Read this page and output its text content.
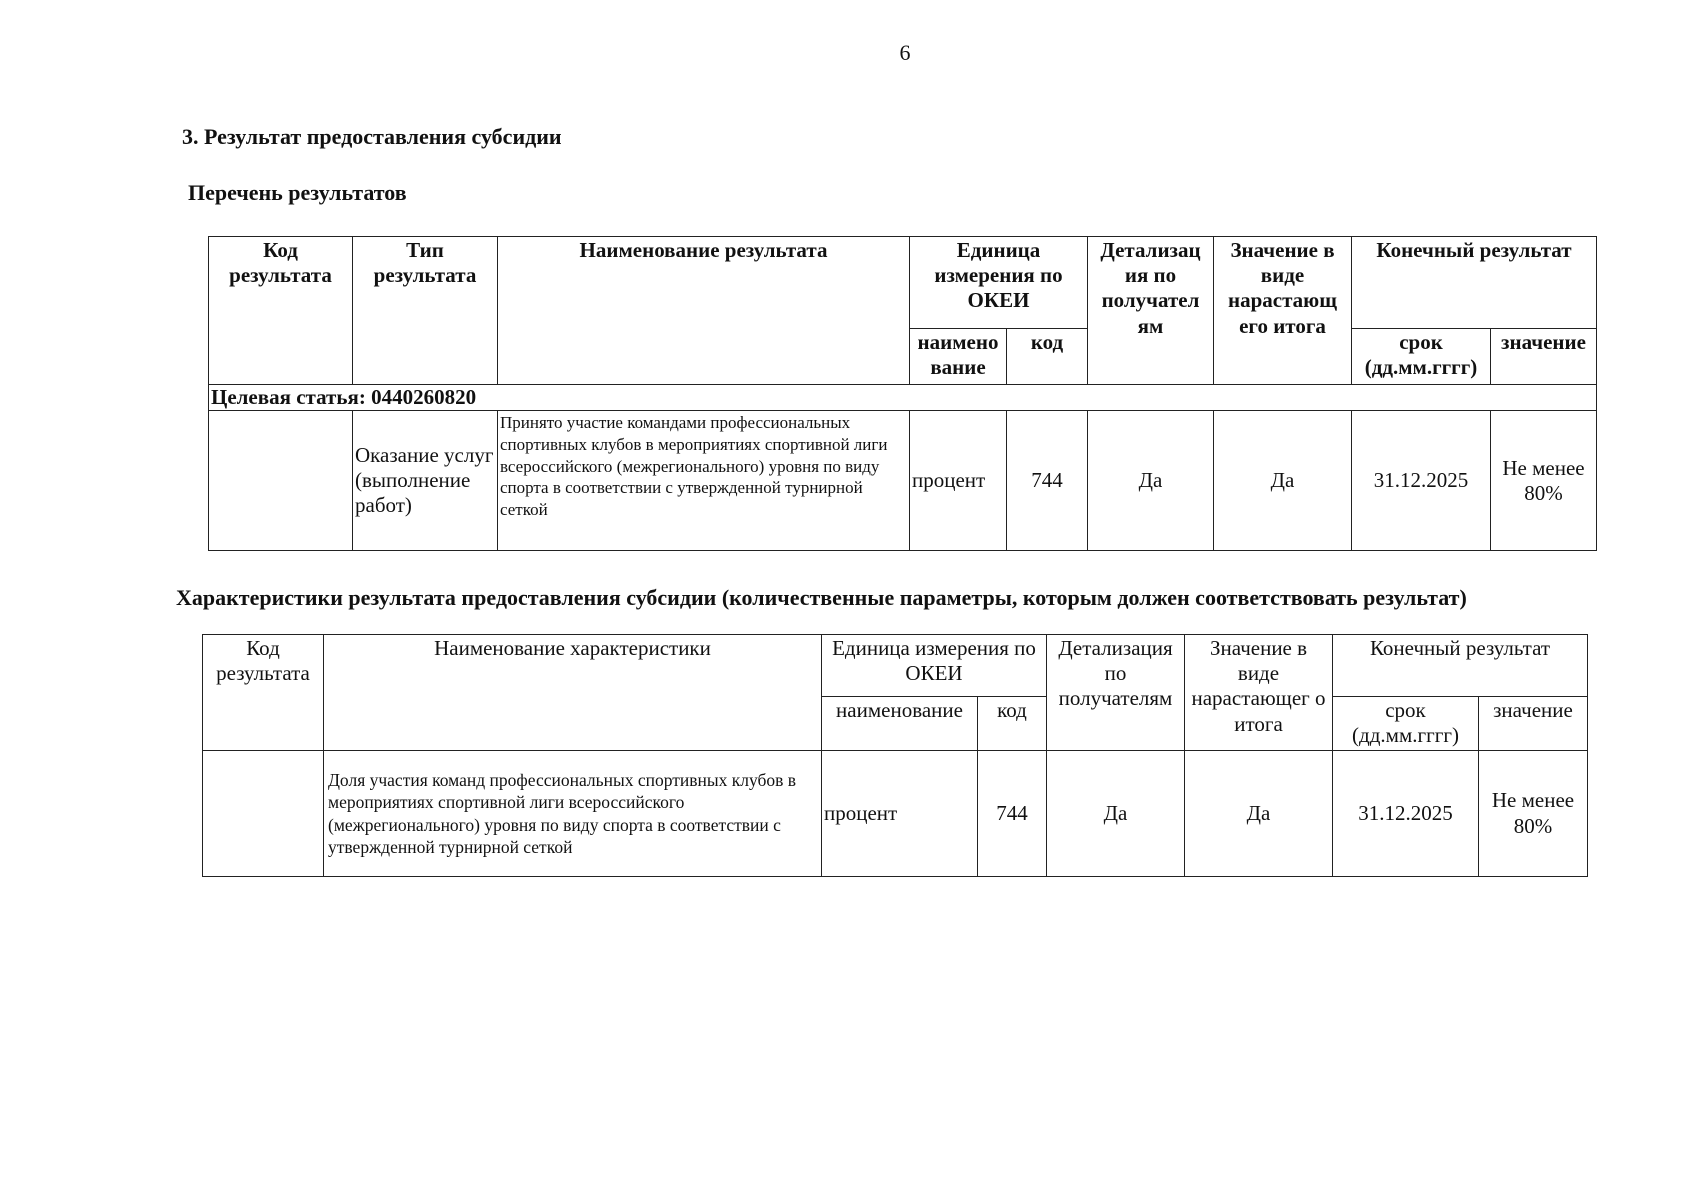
6
3. Результат предоставления субсидии
Перечень результатов
Код результата	Тип результата	Наименование результата	Единица измерения по ОКЕИ		Детализац ия по получател ям	Значение в виде нарастающ его итога	Конечный результат	
			наимено вание	код			срок (дд.мм.гггг)	значение
Целевая статья: 0440260820								
	Оказание услуг (выполнение работ)	Принято участие командами профессиональных спортивных клубов в мероприятиях спортивной лиги всероссийского (межрегионального) уровня по виду спорта в соответствии с утвержденной турнирной сеткой	процент	744	Да	Да	31.12.2025	Не менее 80%
Характеристики результата предоставления субсидии (количественные параметры, которым должен соответствовать результат)
Код результата	Наименование характеристики	Единица измерения по ОКЕИ		Детализация по получателям	Значение в виде нарастающег о итога	Конечный результат	
		наименование	код			срок (дд.мм.гггг)	значение
	Доля участия команд профессиональных спортивных клубов в мероприятиях спортивной лиги всероссийского (межрегионального) уровня по виду спорта в соответствии с утвержденной турнирной сеткой	процент	744	Да	Да	31.12.2025	Не менее 80%
